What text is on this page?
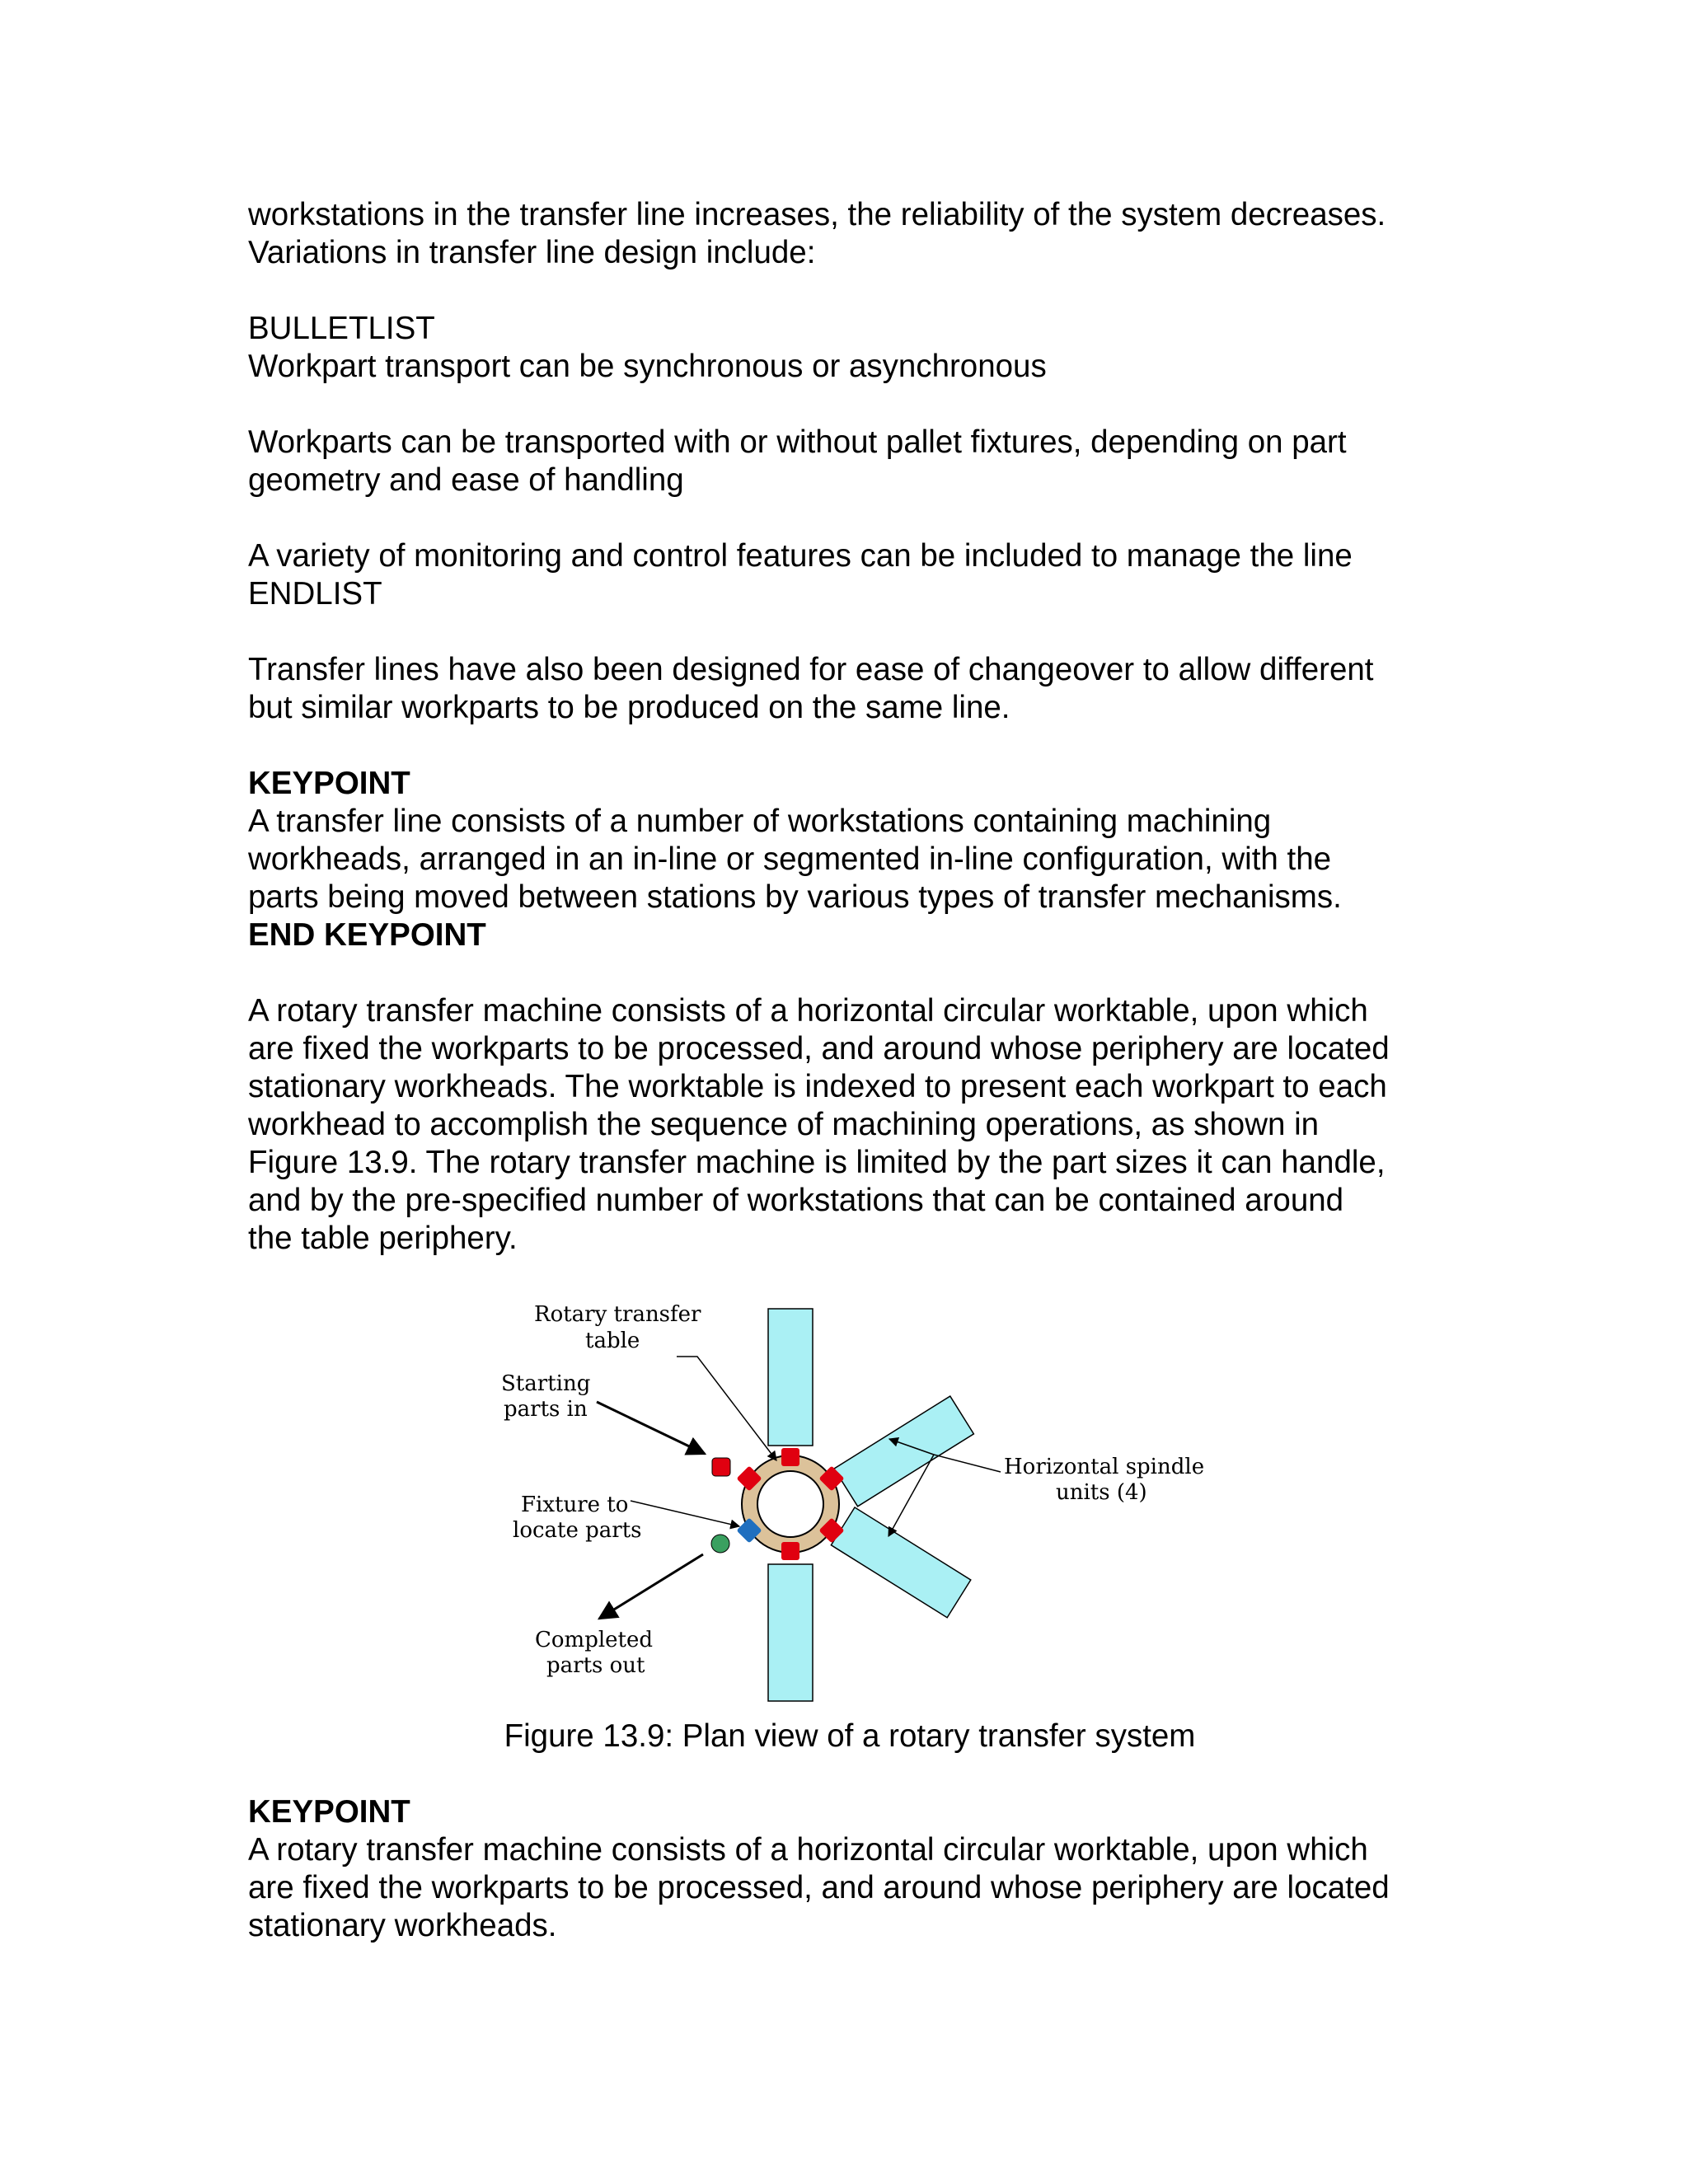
workstations in the transfer line increases, the reliability of the system decreases.
Variations in transfer line design include:

BULLETLIST
Workpart transport can be synchronous or asynchronous

Workparts can be transported with or without pallet fixtures, depending on part
geometry and ease of handling

A variety of monitoring and control features can be included to manage the line
ENDLIST

Transfer lines have also been designed for ease of changeover to allow different
but similar workparts to be produced on the same line.

KEYPOINT
A transfer line consists of a number of workstations containing machining
workheads, arranged in an in-line or segmented in-line configuration, with the
parts being moved between stations by various types of transfer mechanisms.
END KEYPOINT

A rotary transfer machine consists of a horizontal circular worktable, upon which
are fixed the workparts to be processed, and around whose periphery are located
stationary workheads. The worktable is indexed to present each workpart to each
workhead to accomplish the sequence of machining operations, as shown in
Figure 13.9. The rotary transfer machine is limited by the part sizes it can handle,
and by the pre-specified number of workstations that can be contained around
the table periphery.

Rotary transfer
table
Starting
parts in
Fixture to
locate parts
Completed
parts out
Horizontal spindle
units (4)
Figure 13.9: Plan view of a rotary transfer system

KEYPOINT
A rotary transfer machine consists of a horizontal circular worktable, upon which
are fixed the workparts to be processed, and around whose periphery are located
stationary workheads.
